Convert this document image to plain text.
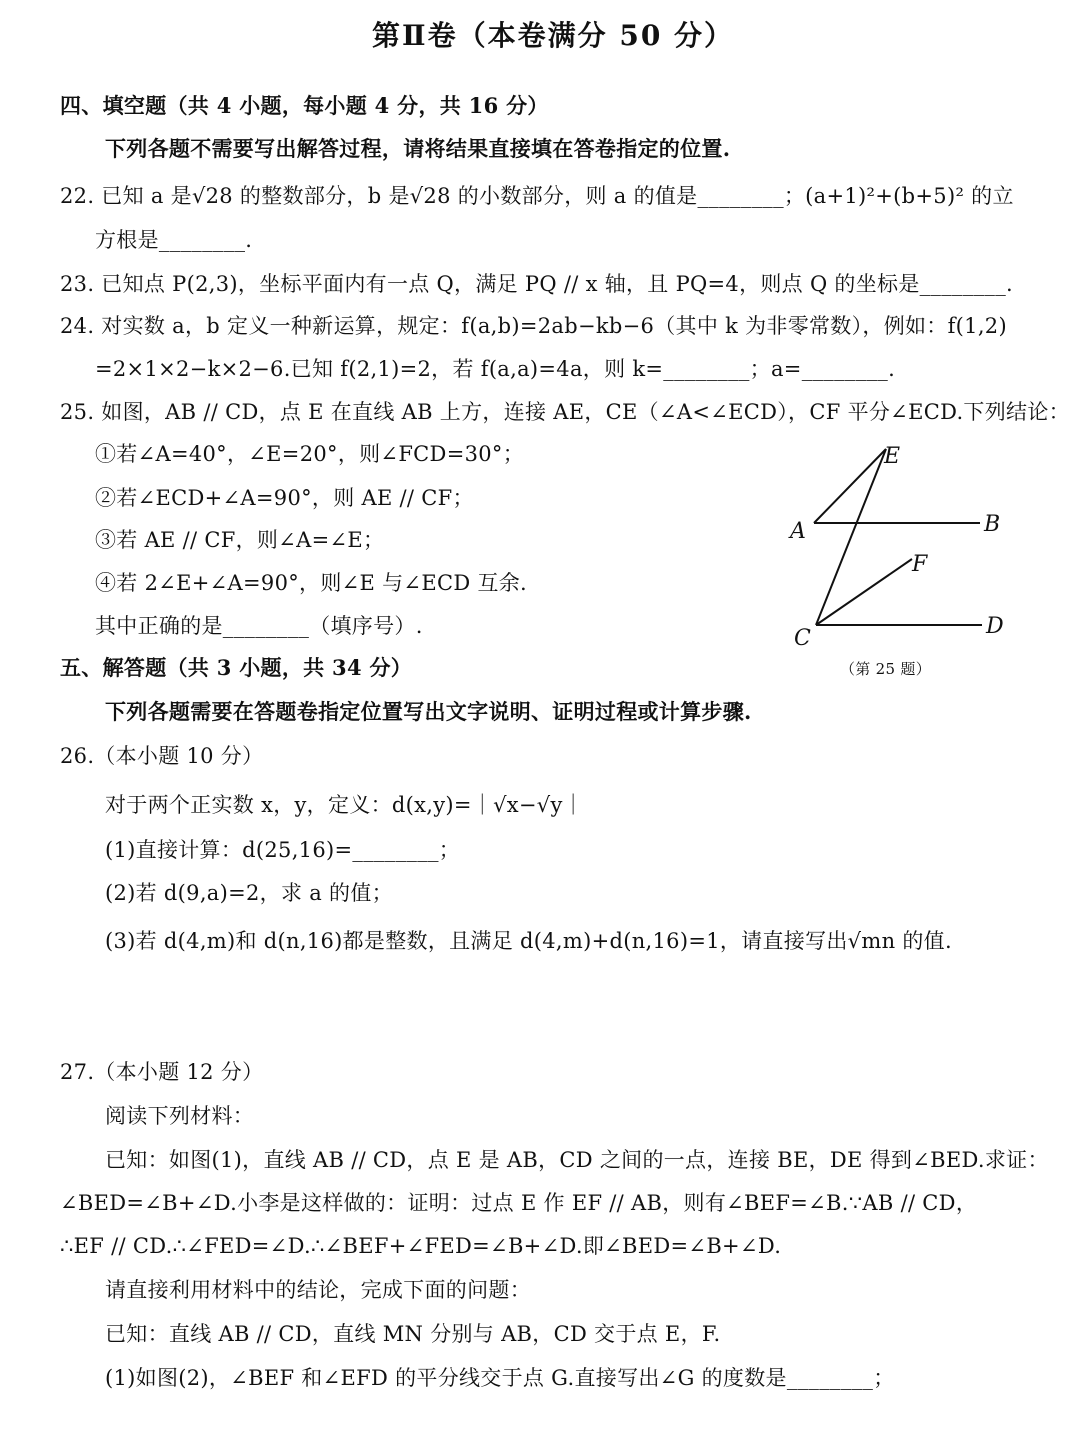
第Ⅱ卷（本卷满分 50 分）
四、填空题（共 4 小题，每小题 4 分，共 16 分）
下列各题不需要写出解答过程，请将结果直接填在答卷指定的位置.
22. 已知 a 是√28 的整数部分，b 是√28 的小数部分，则 a 的值是________；(a+1)²+(b+5)² 的立
方根是________.
23. 已知点 P(2,3)，坐标平面内有一点 Q，满足 PQ // x 轴，且 PQ=4，则点 Q 的坐标是________.
24. 对实数 a，b 定义一种新运算，规定：f(a,b)=2ab−kb−6（其中 k 为非零常数），例如：f(1,2)
=2×1×2−k×2−6.已知 f(2,1)=2，若 f(a,a)=4a，则 k=________；a=________.
25. 如图，AB // CD，点 E 在直线 AB 上方，连接 AE，CE（∠A<∠ECD），CF 平分∠ECD.下列结论：
①若∠A=40°，∠E=20°，则∠FCD=30°；
②若∠ECD+∠A=90°，则 AE // CF；
③若 AE // CF，则∠A=∠E；
④若 2∠E+∠A=90°，则∠E 与∠ECD 互余.
其中正确的是________（填序号）.
E
A	B
F
C	D
（第 25 题）
五、解答题（共 3 小题，共 34 分）
下列各题需要在答题卷指定位置写出文字说明、证明过程或计算步骤.
26.（本小题 10 分）
对于两个正实数 x，y，定义：d(x,y)=｜√x−√y｜
(1)直接计算：d(25,16)=________；
(2)若 d(9,a)=2，求 a 的值；
(3)若 d(4,m)和 d(n,16)都是整数，且满足 d(4,m)+d(n,16)=1，请直接写出√mn 的值.
27.（本小题 12 分）
阅读下列材料：
已知：如图(1)，直线 AB // CD，点 E 是 AB，CD 之间的一点，连接 BE，DE 得到∠BED.求证：
∠BED=∠B+∠D.小李是这样做的：证明：过点 E 作 EF // AB，则有∠BEF=∠B.∵AB // CD，
∴EF // CD.∴∠FED=∠D.∴∠BEF+∠FED=∠B+∠D.即∠BED=∠B+∠D.
请直接利用材料中的结论，完成下面的问题：
已知：直线 AB // CD，直线 MN 分别与 AB，CD 交于点 E，F.
(1)如图(2)，∠BEF 和∠EFD 的平分线交于点 G.直接写出∠G 的度数是________；
